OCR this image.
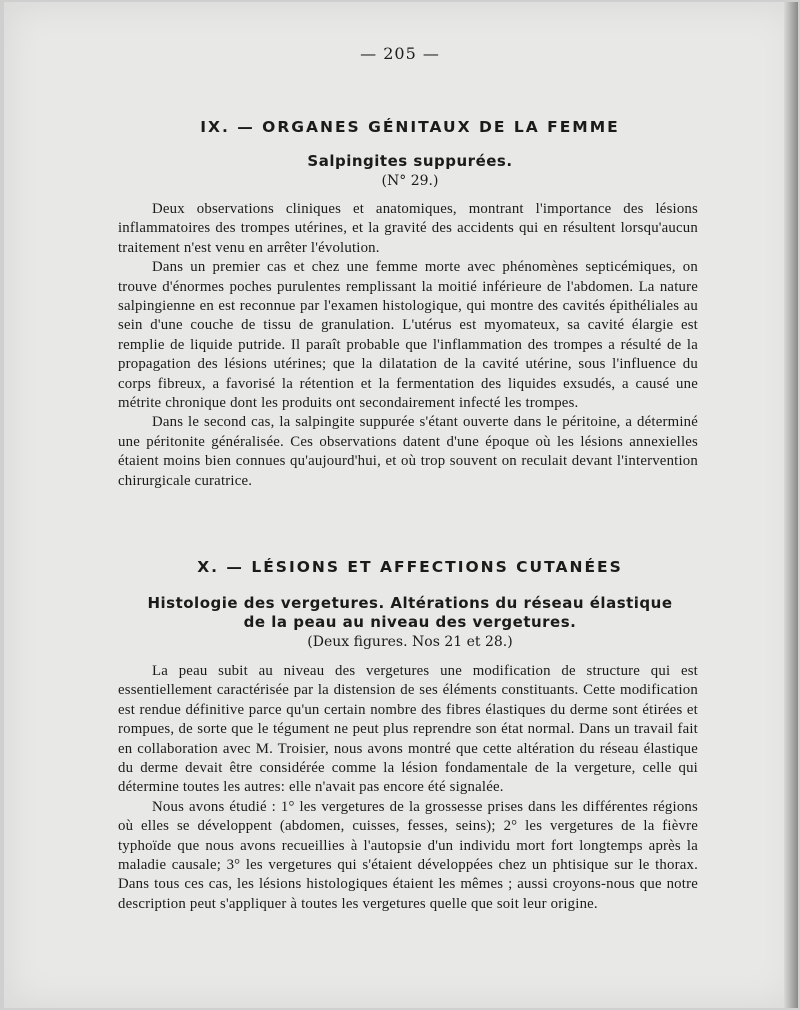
— 205 —
IX. — ORGANES GÉNITAUX DE LA FEMME
Salpingites suppurées.
(N° 29.)

Deux observations cliniques et anatomiques, montrant l'importance des lésions inflammatoires des trompes utérines, et la gravité des accidents qui en résultent lorsqu'aucun traitement n'est venu en arrêter l'évolution.

Dans un premier cas et chez une femme morte avec phénomènes septicémiques, on trouve d'énormes poches purulentes remplissant la moitié inférieure de l'abdomen. La nature salpingienne en est reconnue par l'examen histologique, qui montre des cavités épithéliales au sein d'une couche de tissu de granulation. L'utérus est myomateux, sa cavité élargie est remplie de liquide putride. Il paraît probable que l'inflammation des trompes a résulté de la propagation des lésions utérines; que la dilatation de la cavité utérine, sous l'influence du corps fibreux, a favorisé la rétention et la fermentation des liquides exsudés, a causé une métrite chronique dont les produits ont secondairement infecté les trompes.

Dans le second cas, la salpingite suppurée s'étant ouverte dans le péritoine, a déterminé une péritonite généralisée. Ces observations datent d'une époque où les lésions annexielles étaient moins bien connues qu'aujourd'hui, et où trop souvent on reculait devant l'intervention chirurgicale curatrice.

X. — LÉSIONS ET AFFECTIONS CUTANÉES
Histologie des vergetures. Altérations du réseau élastique
de la peau au niveau des vergetures.
(Deux figures. Nos 21 et 28.)

La peau subit au niveau des vergetures une modification de structure qui est essentiellement caractérisée par la distension de ses éléments constituants. Cette modification est rendue définitive parce qu'un certain nombre des fibres élastiques du derme sont étirées et rompues, de sorte que le tégument ne peut plus reprendre son état normal. Dans un travail fait en collaboration avec M. Troisier, nous avons montré que cette altération du réseau élastique du derme devait être considérée comme la lésion fondamentale de la vergeture, celle qui détermine toutes les autres: elle n'avait pas encore été signalée.

Nous avons étudié : 1° les vergetures de la grossesse prises dans les différentes régions où elles se développent (abdomen, cuisses, fesses, seins); 2° les vergetures de la fièvre typhoïde que nous avons recueillies à l'autopsie d'un individu mort fort longtemps après la maladie causale; 3° les vergetures qui s'étaient développées chez un phtisique sur le thorax. Dans tous ces cas, les lésions histologiques étaient les mêmes ; aussi croyons-nous que notre description peut s'appliquer à toutes les vergetures quelle que soit leur origine.
